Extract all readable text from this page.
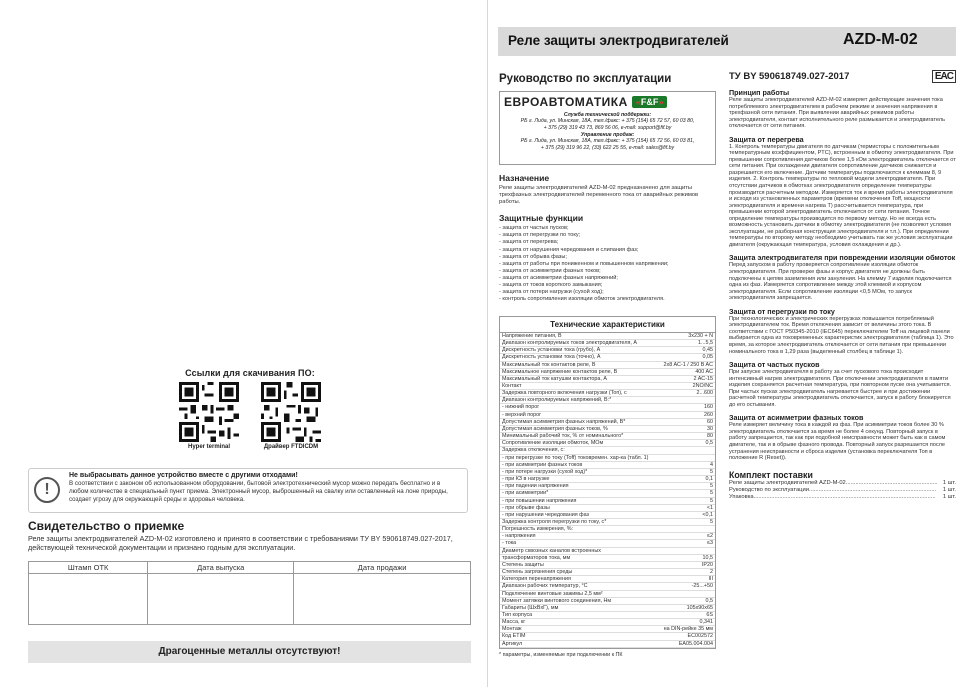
Ссылки для скачивания ПО:
Hyper terminal	Драйвер FTDICDM
!
Не выбрасывать данное устройство вместе с другими отходами!
В соответствии с законом об использованном оборудовании, бытовой электротехнический мусор можно передать бесплатно и в любом количестве в специальный пункт приема. Электронный мусор, выброшенный на свалку или оставленный на лоне природы, создает угрозу для окружающей среды и здоровья человека.
Свидетельство о приемке
Реле защиты электродвигателей AZD-M-02 изготовлено и принято в соответствии с требованиями ТУ BY 590618749.027-2017, действующей технической документации и признано годным для эксплуатации.
Штамп ОТК	Дата выпуска	Дата продажи

Драгоценные металлы отсутствуют!
Реле защиты электродвигателей	AZD-M-02
Руководство по эксплуатации
ЕВРОАВТОМАТИКА «F&F»
Служба технической поддержки:
РБ г. Лида, ул. Минская, 18А, тел./факс: + 375 (154) 65 72 57, 60 03 80,
+ 375 (29) 319 43 73, 869 56 06, e-mail: support@fif.by
Управление продаж:
РБ г. Лида, ул. Минская, 18А, тел./факс: + 375 (154) 65 72 56, 60 03 81,
+ 375 (29) 319 96 22, (33) 622 25 55, e-mail: sales@fif.by
Назначение
Реле защиты электродвигателей AZD-M-02 предназначено для защиты трехфазных электродвигателей переменного тока от аварийных режимов работы.
Защитные функции
- защита от частых пусков;
- защита от перегрузки по току;
- защита от перегрева;
- защита от нарушения чередования и слипания фаз;
- защита от обрыва фазы;
- защита от работы при пониженном и повышенном напряжении;
- защита от асимметрии фазных токов;
- защита от асимметрии фазных напряжений;
- защита от токов короткого замыкания;
- защита от потери нагрузки (сухой ход);
- контроль сопротивления изоляции обмоток электродвигателя.
Технические характеристики
Напряжение питания, В	3x230 + N
Диапазон контролируемых токов электродвигателя, А	1...5,5
Дискретность установки тока (грубо), А	0,45
Дискретность установки тока (точно), А	0,05
Максимальный ток контактов реле, В	2x8 AC-1 / 250 B AC
Максимальное напряжение контактов реле, В	400 AC
Максимальный ток катушки контактора, А	2 AC-15
Контакт	2NO/NC
Задержка повторного включения нагрузки (Toп), с	2...600
Диапазон контролируемых напряжений, В:*
- нижний порог	160
- верхний порог	260
Допустимая асимметрия фазных напряжений, В*	60
Допустимая асимметрия фазных токов, %	30
Минимальный рабочий ток, % от номинального*	80
Сопротивление изоляции обмоток, МОм	0,5
Задержка отключения, с:
- при перегрузке по току (Toff) токовремен. хар-ка (табл. 1)
- при асимметрии фазных токов	4
- при потере нагрузки (сухой ход)*	5
- при КЗ в нагрузке	0,1
- при падении напряжения	5
- при асимметрии*	5
- при повышении напряжения	5
- при обрыве фазы	<1
- при нарушении чередования фаз	<0,1
Задержка контроля перегрузки по току, с*	5
Погрешность измерения, %:
- напряжения	≤2
- тока	≤3
Диаметр сквозных каналов встроенных
трансформаторов тока, мм	10,5
Степень защиты	IP20
Степень загрязнения среды	2
Категория перенапряжения	III
Диапазон рабочих температур, °С	-25...+50
Подключение винтовые зажимы 2,5 мм²
Момент затяжки винтового соединения, Нм	0,5
Габариты (ШxВxГ), мм	105x90x65
Тип корпуса	6S
Масса, кг	0,341
Монтаж	на DIN-рейке 35 мм
Код ETIM	EC002572
Артикул	EA05.004.004
* параметры, изменяемые при подключении к ПК
ТУ BY 590618749.027-2017	EAC
Принцип работы
Реле защиты электродвигателей AZD-M-02 измеряет действующие значения тока потребляемого электродвигателем в рабочем режиме и значения напряжения в трехфазной сети питания. При выявлении аварийных режимов работы электродвигателя, контакт исполнительного реле размыкается и электродвигатель отключается от сети питания.
Защита от перегрева
1. Контроль температуры двигателя по датчикам (термисторы с положительным температурным коэффициентом, PTC), встроенным в обмотку электродвигателя. При превышении сопротивления датчиков более 1,5 кОм электродвигатель отключается от сети питания. При охлаждении двигателя сопротивление датчиков снижается и разрешается его включение. Датчики температуры подключаются к клеммам 8, 9 изделия. 2. Контроль температуры по тепловой модели электродвигателя. При отсутствии датчиков в обмотках электродвигателя определение температуры производится расчетным методом. Измеряется ток и время работы электродвигателя и исходя из установленных параметров (времени отключения Toff, мощности электродвигателя и времени нагрева T) рассчитывается температура, при превышении которой электродвигатель отключается от сети питания. Точное определение температуры производится по первому методу. Но не всегда есть возможность установить датчики в обмотку электродвигателя (не позволяют условия эксплуатации, не разборная конструкция электродвигателя и т.п.). При определении температуры по второму методу необходимо учитывать так же условия эксплуатации двигателя (окружающая температура, условия охлаждения и др.).
Защита электродвигателя при повреждении изоляции обмоток
Перед запуском в работу проверяется сопротивление изоляции обмоток электродвигателя. При проверке фазы и корпус двигателя не должны быть подключены к цепям заземления или зануления. На клемму 7 изделия подключается одна из фаз. Измеряется сопротивление между этой клеммой и корпусом электродвигателя. Если сопротивление изоляции <0,5 МОм, то запуск электродвигателя запрещается.
Защита от перегрузки по току
При технологических и электрических перегрузках повышается потребляемый электродвигателем ток. Время отключения зависит от величины этого тока. В соответствии с ГОСТ Р50345-2010 (IEC645) переключателем Toff на лицевой панели выбирается одна из токовременных характеристик электродвигателя (таблица 1). Это время, за которое электродвигатель отключается от сети питания при превышении номинального тока в 1,29 раза (выделенный столбец в таблице 1).
Защита от частых пусков
При запуске электродвигателя в работу за счет пускового тока происходит интенсивный нагрев электродвигателя. При отключении электродвигателя в памяти изделия сохраняется расчетная температура, при повторном пуске она учитывается. При частых пусках электродвигатель нагревается быстрее и при достижении расчетной температуры электродвигатель отключается, запуск в работу блокируется до его остывания.
Защита от асимметрии фазных токов
Реле измеряет величину тока в каждой из фаз. При асимметрии токов более 30 % электродвигатель отключается за время не более 4 секунд. Повторный запуск в работу запрещается, так как при подобной неисправности может быть как в самом двигателе, так и в обрыве фазного провода. Повторный запуск разрешается после устранения неисправности и сброса изделия (установка переключателя Toп в положение R (Reset)).
Комплект поставки
Реле защиты электродвигателей AZD-M-02......................................................... 1 шт.
Руководство по эксплуатации............................................................................... 1 шт.
Упаковка................................................................................................................. 1 шт.
